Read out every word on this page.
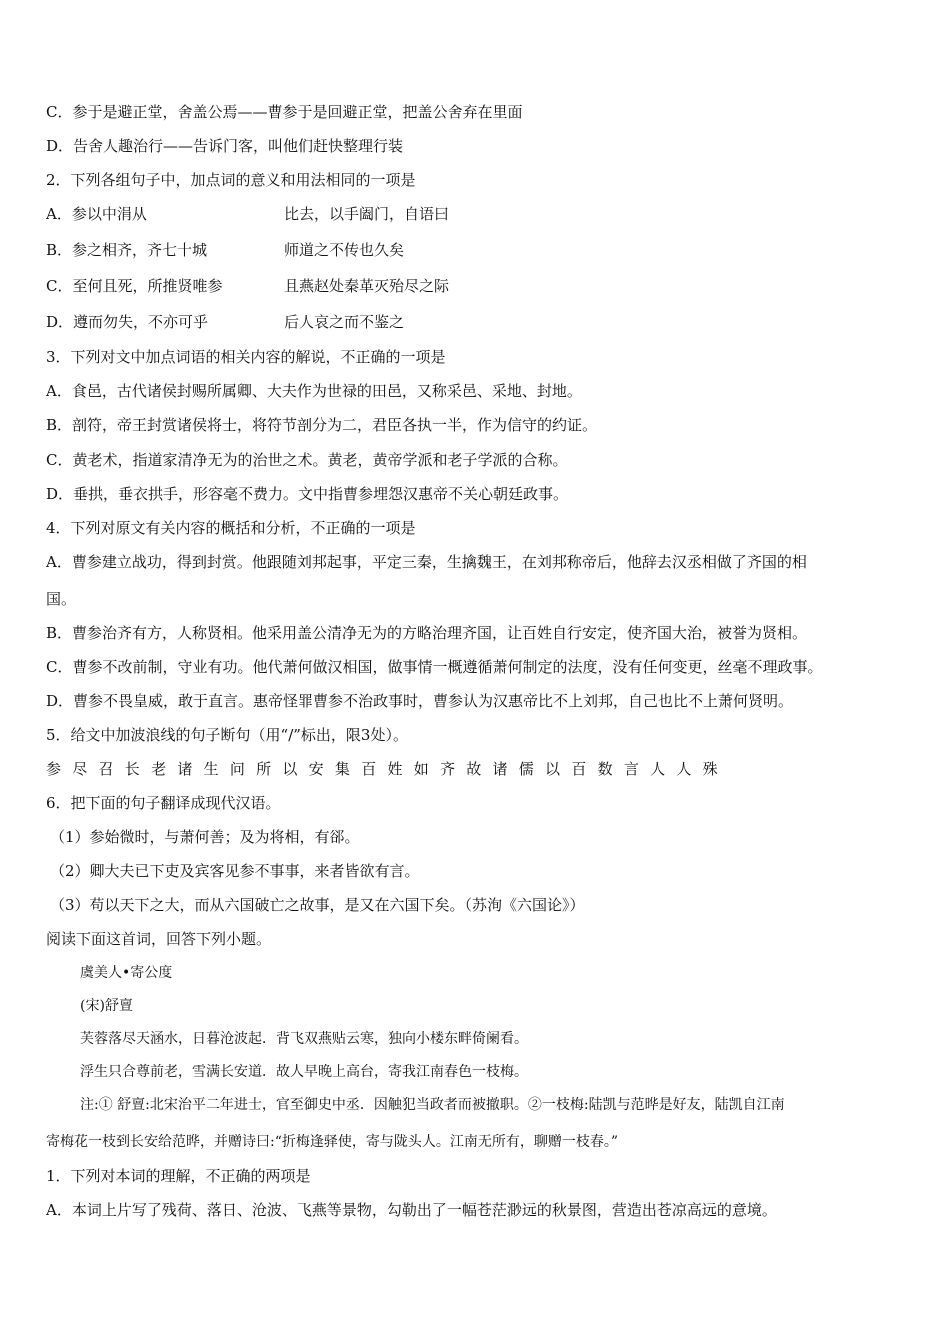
C．参于是避正堂，舍盖公焉——曹参于是回避正堂，把盖公舍弃在里面
D．告舍人趣治行——告诉门客，叫他们赶快整理行装
2．下列各组句子中，加点词的意义和用法相同的一项是
A．参以中涓从	比去，以手阖门，自语曰
B．参之相齐，齐七十城	师道之不传也久矣
C．至何且死，所推贤唯参	且燕赵处秦革灭殆尽之际
D．遵而勿失，不亦可乎	后人哀之而不鉴之
3．下列对文中加点词语的相关内容的解说，不正确的一项是
A．食邑，古代诸侯封赐所属卿、大夫作为世禄的田邑，又称采邑、采地、封地。
B．剖符，帝王封赏诸侯将士，将符节剖分为二，君臣各执一半，作为信守的约证。
C．黄老术，指道家清净无为的治世之术。黄老，黄帝学派和老子学派的合称。
D．垂拱，垂衣拱手，形容毫不费力。文中指曹参埋怨汉惠帝不关心朝廷政事。
4．下列对原文有关内容的概括和分析，不正确的一项是
A．曹参建立战功，得到封赏。他跟随刘邦起事，平定三秦，生擒魏王，在刘邦称帝后，他辞去汉丞相做了齐国的相
国。
B．曹参治齐有方，人称贤相。他采用盖公清净无为的方略治理齐国，让百姓自行安定，使齐国大治，被誉为贤相。
C．曹参不改前制，守业有功。他代萧何做汉相国，做事情一概遵循萧何制定的法度，没有任何变更，丝毫不理政事。
D．曹参不畏皇威，敢于直言。惠帝怪罪曹参不治政事时，曹参认为汉惠帝比不上刘邦，自己也比不上萧何贤明。
5．给文中加波浪线的句子断句（用“/”标出，限3处）。
参 尽 召 长 老 诸 生 问 所 以 安 集 百 姓 如 齐 故 诸 儒 以 百 数 言 人 人 殊
6．把下面的句子翻译成现代汉语。
（1）参始微时，与萧何善；及为将相，有郤。
（2）卿大夫已下吏及宾客见参不事事，来者皆欲有言。
（3）苟以天下之大，而从六国破亡之故事，是又在六国下矣。（苏洵《六国论》）
阅读下面这首词，回答下列小题。
虞美人•寄公度
(宋)舒亶
芙蓉落尽天涵水，日暮沧波起．背飞双燕贴云寒，独向小楼东畔倚阑看。
浮生只合尊前老，雪满长安道．故人早晚上高台，寄我江南春色一枝梅。
注:① 舒亶:北宋治平二年进士，官至御史中丞．因触犯当政者而被撤职。②一枝梅:陆凯与范晔是好友，陆凯自江南
寄梅花一枝到长安给范晔，并赠诗曰:“折梅逢驿使，寄与陇头人。江南无所有，聊赠一枝春。”
1．下列对本词的理解，不正确的两项是
A．本词上片写了残荷、落日、沧波、飞燕等景物，勾勒出了一幅苍茫渺远的秋景图，营造出苍凉高远的意境。
